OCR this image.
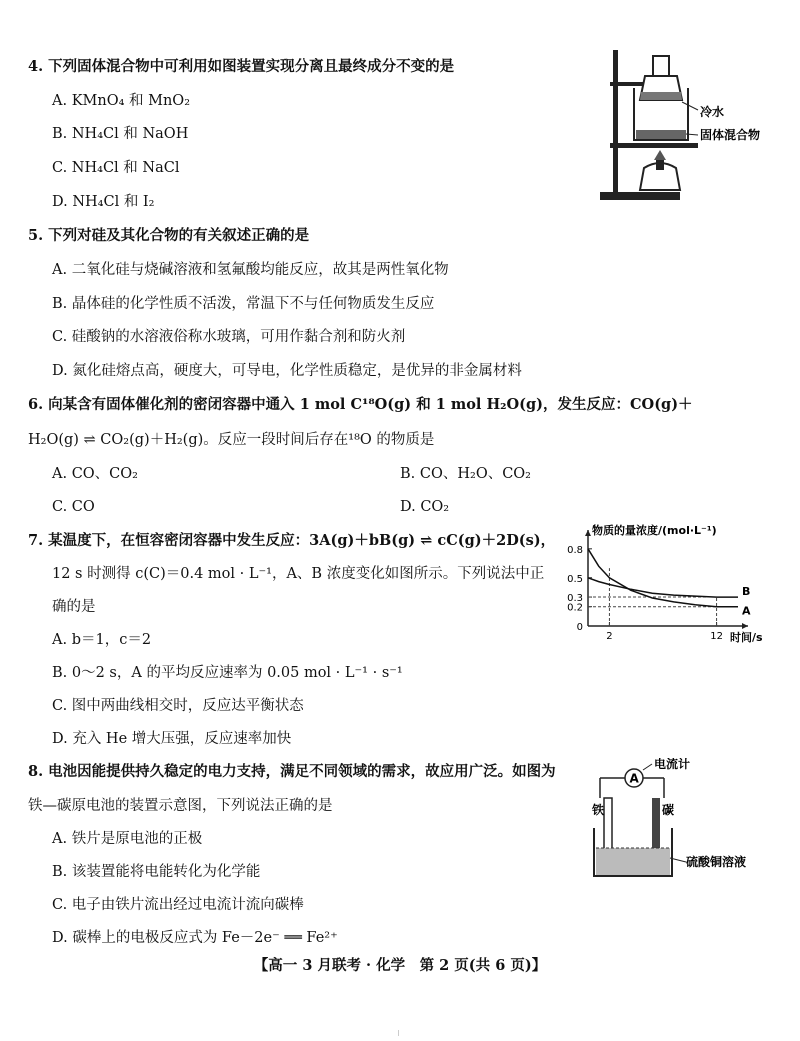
4. 下列固体混合物中可利用如图装置实现分离且最终成分不变的是
A. KMnO₄ 和 MnO₂
B. NH₄Cl 和 NaOH
C. NH₄Cl 和 NaCl
D. NH₄Cl 和 I₂
冷水
固体混合物
5. 下列对硅及其化合物的有关叙述正确的是
A. 二氧化硅与烧碱溶液和氢氟酸均能反应，故其是两性氧化物
B. 晶体硅的化学性质不活泼，常温下不与任何物质发生反应
C. 硅酸钠的水溶液俗称水玻璃，可用作黏合剂和防火剂
D. 氮化硅熔点高，硬度大，可导电，化学性质稳定，是优异的非金属材料
6. 向某含有固体催化剂的密闭容器中通入 1 mol C¹⁸O(g) 和 1 mol H₂O(g)，发生反应：CO(g)＋
H₂O(g) ⇌ CO₂(g)＋H₂(g)。反应一段时间后存在¹⁸O 的物质是
A. CO、CO₂	B. CO、H₂O、CO₂
C. CO	D. CO₂
7. 某温度下，在恒容密闭容器中发生反应：3A(g)＋bB(g) ⇌ cC(g)＋2D(s)，
12 s 时测得 c(C)＝0.4 mol · L⁻¹，A、B 浓度变化如图所示。下列说法中正
确的是
A. b＝1，c＝2
B. 0～2 s，A 的平均反应速率为 0.05 mol · L⁻¹ · s⁻¹
C. 图中两曲线相交时，反应达平衡状态
D. 充入 He 增大压强，反应速率加快
物质的量浓度/(mol·L⁻¹)
时间/s
0
0.2
0.3
0.5
0.8
2	12
A
B
8. 电池因能提供持久稳定的电力支持，满足不同领域的需求，故应用广泛。如图为
铁—碳原电池的装置示意图，下列说法正确的是
A. 铁片是原电池的正极
B. 该装置能将电能转化为化学能
C. 电子由铁片流出经过电流计流向碳棒
D. 碳棒上的电极反应式为 Fe－2e⁻ ══ Fe²⁺
A
电流计
铁	碳
硫酸铜溶液
【高一 3 月联考 · 化学　第 2 页(共 6 页)】
